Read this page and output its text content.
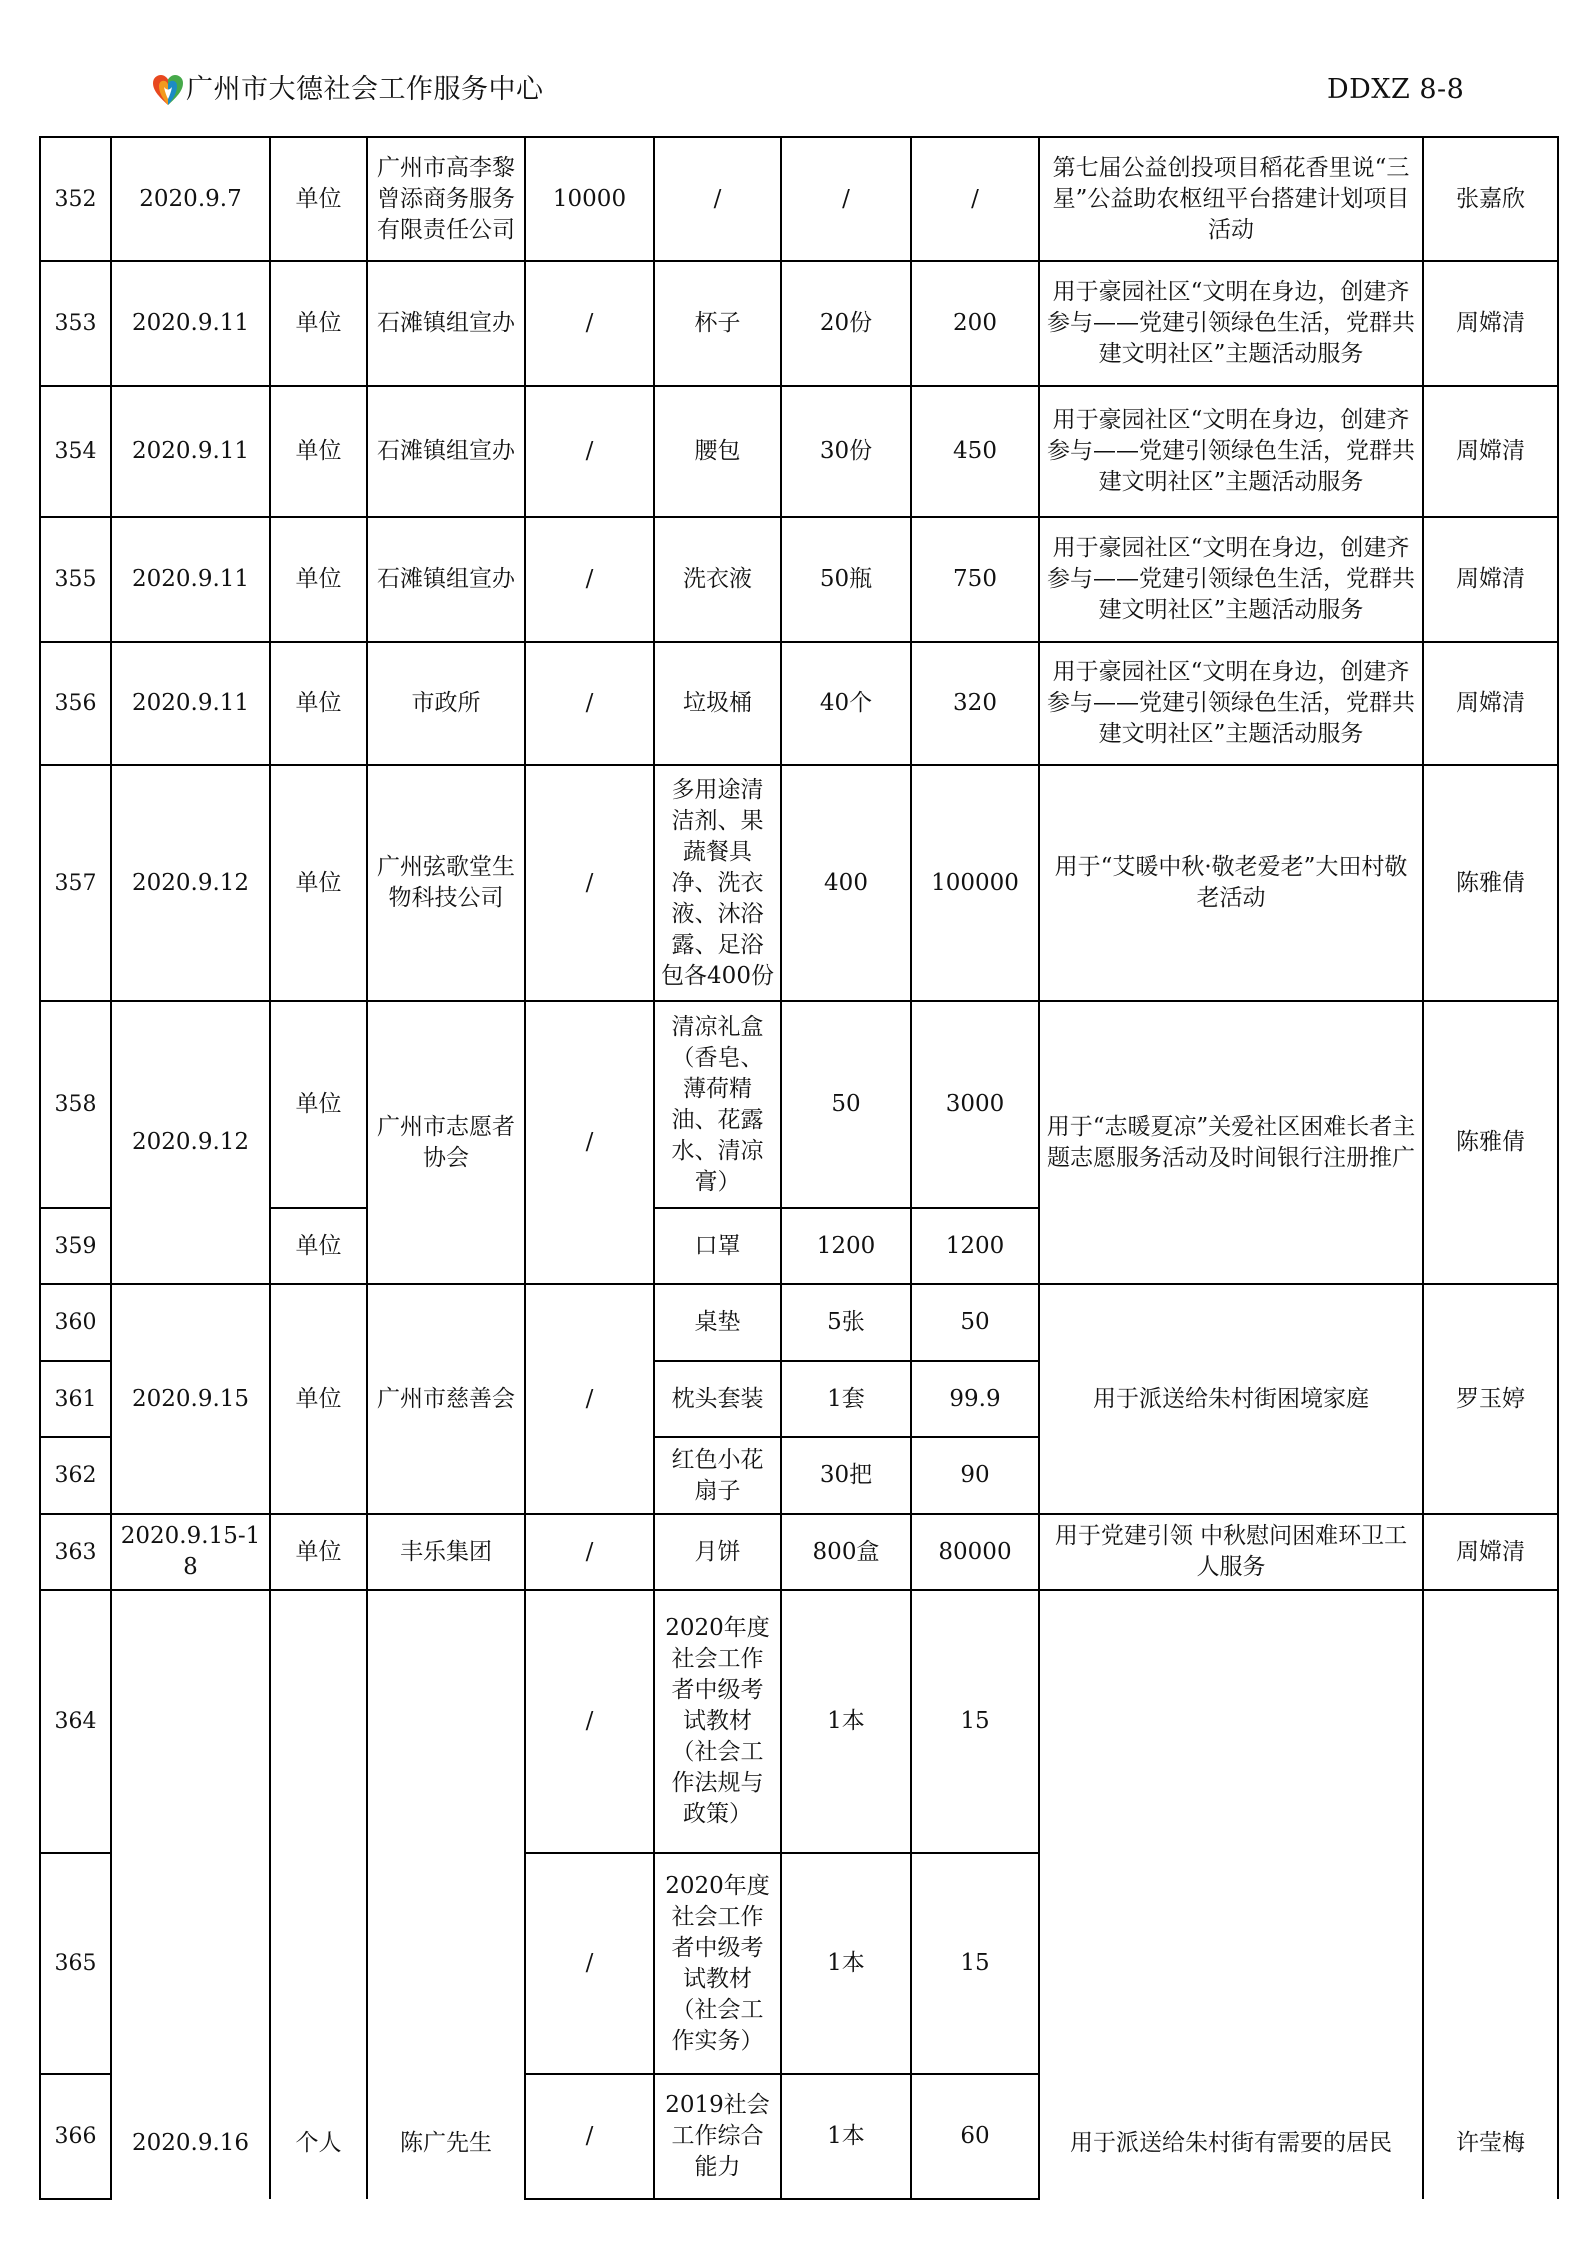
广州市大德社会工作服务中心	DDXZ 8-8
352	2020.9.7	单位	广州市高李黎曾添商务服务有限责任公司	10000	/	/	/	第七届公益创投项目稻花香里说“三星”公益助农枢纽平台搭建计划项目活动	张嘉欣
353	2020.9.11	单位	石滩镇组宣办	/	杯子	20份	200	用于豪园社区“文明在身边，创建齐参与——党建引领绿色生活，党群共建文明社区”主题活动服务	周嫦清
354	2020.9.11	单位	石滩镇组宣办	/	腰包	30份	450	用于豪园社区“文明在身边，创建齐参与——党建引领绿色生活，党群共建文明社区”主题活动服务	周嫦清
355	2020.9.11	单位	石滩镇组宣办	/	洗衣液	50瓶	750	用于豪园社区“文明在身边，创建齐参与——党建引领绿色生活，党群共建文明社区”主题活动服务	周嫦清
356	2020.9.11	单位	市政所	/	垃圾桶	40个	320	用于豪园社区“文明在身边，创建齐参与——党建引领绿色生活，党群共建文明社区”主题活动服务	周嫦清
357	2020.9.12	单位	广州弦歌堂生物科技公司	/	多用途清洁剂、果蔬餐具净、洗衣液、沐浴露、足浴包各400份	400	100000	用于“艾暖中秋·敬老爱老”大田村敬老活动	陈雅倩
358	2020.9.12	单位	广州市志愿者协会	/	清凉礼盒（香皂、薄荷精油、花露水、清凉膏）	50	3000	用于“志暖夏凉”关爱社区困难长者主题志愿服务活动及时间银行注册推广	陈雅倩
359		单位			口罩	1200	1200		
360	2020.9.15	单位	广州市慈善会	/	桌垫	5张	50	用于派送给朱村街困境家庭	罗玉婷
361					枕头套装	1套	99.9		
362					红色小花扇子	30把	90		
363	2020.9.15-18	单位	丰乐集团	/	月饼	800盒	80000	用于党建引领 中秋慰问困难环卫工人服务	周嫦清
364	2020.9.16	个人	陈广先生	/	2020年度社会工作者中级考试教材（社会工作法规与政策）	1本	15	用于派送给朱村街有需要的居民	许莹梅
365				/	2020年度社会工作者中级考试教材（社会工作实务）	1本	15		
366				/	2019社会工作综合能力	1本	60		
